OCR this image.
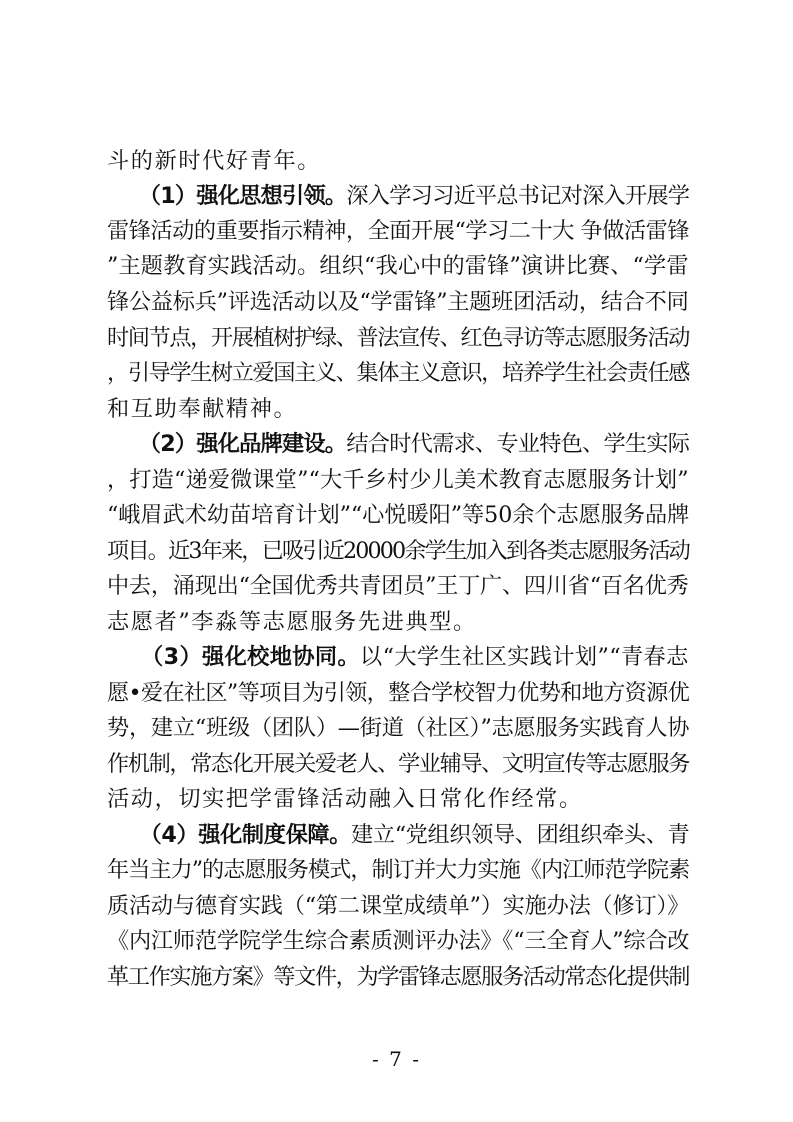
斗的新时代好青年。
　　（1）强化思想引领。深入学习习近平总书记对深入开展学
雷锋活动的重要指示精神，全面开展“学习二十大 争做活雷锋
”主题教育实践活动。组织“我心中的雷锋”演讲比赛、“学雷
锋公益标兵”评选活动以及“学雷锋”主题班团活动，结合不同
时间节点，开展植树护绿、普法宣传、红色寻访等志愿服务活动
，引导学生树立爱国主义、集体主义意识，培养学生社会责任感
和互助奉献精神。
　　（2）强化品牌建设。结合时代需求、专业特色、学生实际
，打造“递爱微课堂”“大千乡村少儿美术教育志愿服务计划”
“峨眉武术幼苗培育计划”“心悦暖阳”等50余个志愿服务品牌
项目。近3年来，已吸引近20000余学生加入到各类志愿服务活动
中去，涌现出“全国优秀共青团员”王丁广、四川省“百名优秀
志愿者”李淼等志愿服务先进典型。
　　（3）强化校地协同。以“大学生社区实践计划”“青春志
愿•爱在社区”等项目为引领，整合学校智力优势和地方资源优
势，建立“班级（团队）—街道（社区）”志愿服务实践育人协
作机制，常态化开展关爱老人、学业辅导、文明宣传等志愿服务
活动，切实把学雷锋活动融入日常化作经常。
　　（4）强化制度保障。建立“党组织领导、团组织牵头、青
年当主力”的志愿服务模式，制订并大力实施《内江师范学院素
质活动与德育实践（“第二课堂成绩单”）实施办法（修订）》
《内江师范学院学生综合素质测评办法》《“三全育人”综合改
革工作实施方案》等文件，为学雷锋志愿服务活动常态化提供制
- 7 -
